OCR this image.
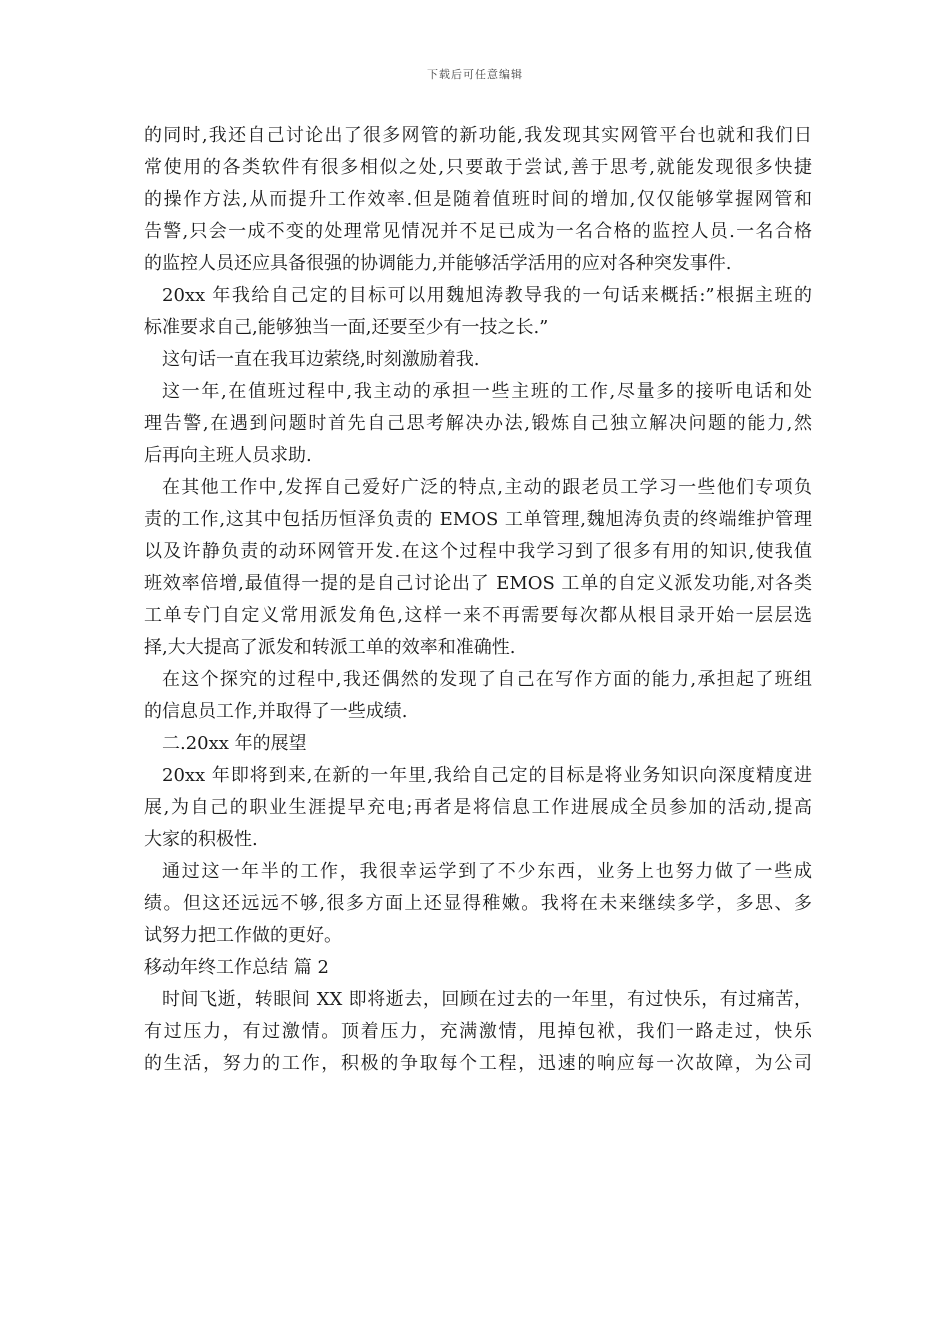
下载后可任意编辑
的同时,我还自己讨论出了很多网管的新功能,我发现其实网管平台也就和我们日
常使用的各类软件有很多相似之处,只要敢于尝试,善于思考,就能发现很多快捷
的操作方法,从而提升工作效率.但是随着值班时间的增加,仅仅能够掌握网管和
告警,只会一成不变的处理常见情况并不足已成为一名合格的监控人员.一名合格
的监控人员还应具备很强的协调能力,并能够活学活用的应对各种突发事件.
20xx 年我给自己定的目标可以用魏旭涛教导我的一句话来概括:”根据主班的
标准要求自己,能够独当一面,还要至少有一技之长.”
这句话一直在我耳边萦绕,时刻激励着我.
这一年,在值班过程中,我主动的承担一些主班的工作,尽量多的接听电话和处
理告警,在遇到问题时首先自己思考解决办法,锻炼自己独立解决问题的能力,然
后再向主班人员求助.
在其他工作中,发挥自己爱好广泛的特点,主动的跟老员工学习一些他们专项负
责的工作,这其中包括历恒泽负责的 EMOS 工单管理,魏旭涛负责的终端维护管理
以及许静负责的动环网管开发.在这个过程中我学习到了很多有用的知识,使我值
班效率倍增,最值得一提的是自己讨论出了 EMOS 工单的自定义派发功能,对各类
工单专门自定义常用派发角色,这样一来不再需要每次都从根目录开始一层层选
择,大大提高了派发和转派工单的效率和准确性.
在这个探究的过程中,我还偶然的发现了自己在写作方面的能力,承担起了班组
的信息员工作,并取得了一些成绩.
二.20xx 年的展望
20xx 年即将到来,在新的一年里,我给自己定的目标是将业务知识向深度精度进
展,为自己的职业生涯提早充电;再者是将信息工作进展成全员参加的活动,提高
大家的积极性.
通过这一年半的工作，我很幸运学到了不少东西，业务上也努力做了一些成
绩。但这还远远不够,很多方面上还显得稚嫩。我将在未来继续多学，多思、多
试努力把工作做的更好。
移动年终工作总结 篇 2
时间飞逝，转眼间 XX 即将逝去，回顾在过去的一年里，有过快乐，有过痛苦，
有过压力，有过激情。顶着压力，充满激情，甩掉包袱，我们一路走过，快乐
的生活，努力的工作，积极的争取每个工程，迅速的响应每一次故障，为公司
